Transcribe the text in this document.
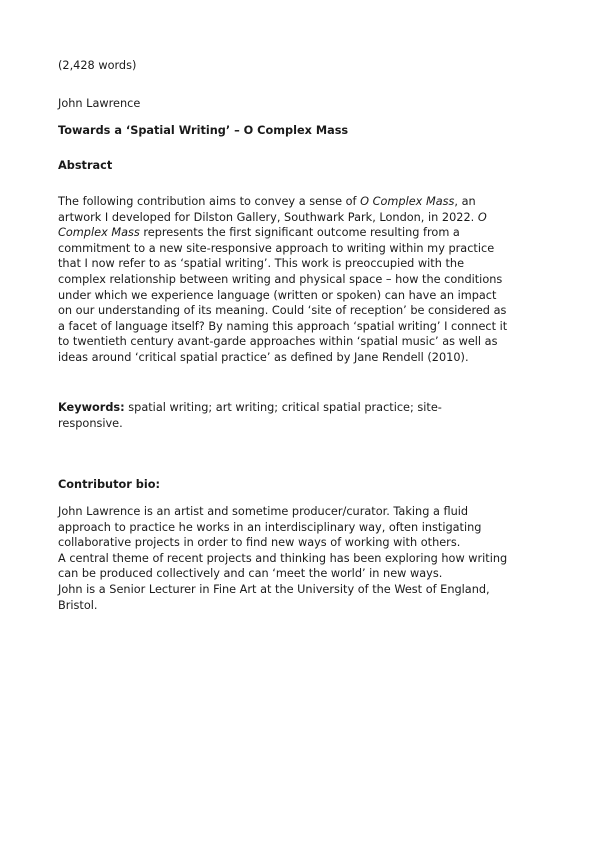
(2,428 words)
John Lawrence
Towards a ‘Spatial Writing’ – O Complex Mass
Abstract
The following contribution aims to convey a sense of O Complex Mass, an
artwork I developed for Dilston Gallery, Southwark Park, London, in 2022. O
Complex Mass represents the first significant outcome resulting from a
commitment to a new site-responsive approach to writing within my practice
that I now refer to as ‘spatial writing’. This work is preoccupied with the
complex relationship between writing and physical space – how the conditions
under which we experience language (written or spoken) can have an impact
on our understanding of its meaning. Could ‘site of reception’ be considered as
a facet of language itself? By naming this approach ‘spatial writing’ I connect it
to twentieth century avant-garde approaches within ‘spatial music’ as well as
ideas around ‘critical spatial practice’ as defined by Jane Rendell (2010).
Keywords: spatial writing; art writing; critical spatial practice; site-
responsive.
Contributor bio:
John Lawrence is an artist and sometime producer/curator. Taking a fluid
approach to practice he works in an interdisciplinary way, often instigating
collaborative projects in order to find new ways of working with others.
A central theme of recent projects and thinking has been exploring how writing
can be produced collectively and can ‘meet the world’ in new ways.
John is a Senior Lecturer in Fine Art at the University of the West of England,
Bristol.
